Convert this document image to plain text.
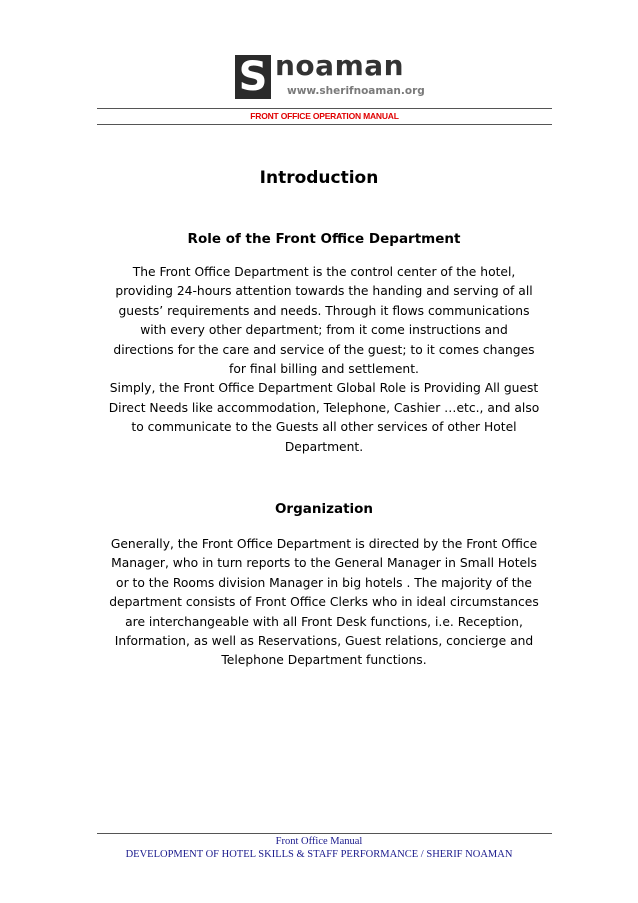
S noaman
www.sherifnoaman.org
FRONT OFFICE OPERATION MANUAL
Introduction
Role of the Front Office Department
The Front Office Department is the control center of the hotel,
providing 24-hours attention towards the handing and serving of all
guests’ requirements and needs. Through it flows communications
with every other department; from it come instructions and
directions for the care and service of the guest; to it comes changes
for final billing and settlement.
Simply, the Front Office Department Global Role is Providing All guest
Direct Needs like accommodation, Telephone, Cashier …etc., and also
to communicate to the Guests all other services of other Hotel
Department.
Organization
Generally, the Front Office Department is directed by the Front Office
Manager, who in turn reports to the General Manager in Small Hotels
or to the Rooms division Manager in big hotels . The majority of the
department consists of Front Office Clerks who in ideal circumstances
are interchangeable with all Front Desk functions, i.e. Reception,
Information, as well as Reservations, Guest relations, concierge and
Telephone Department functions.
Front Office Manual
DEVELOPMENT OF HOTEL SKILLS & STAFF PERFORMANCE / SHERIF NOAMAN
